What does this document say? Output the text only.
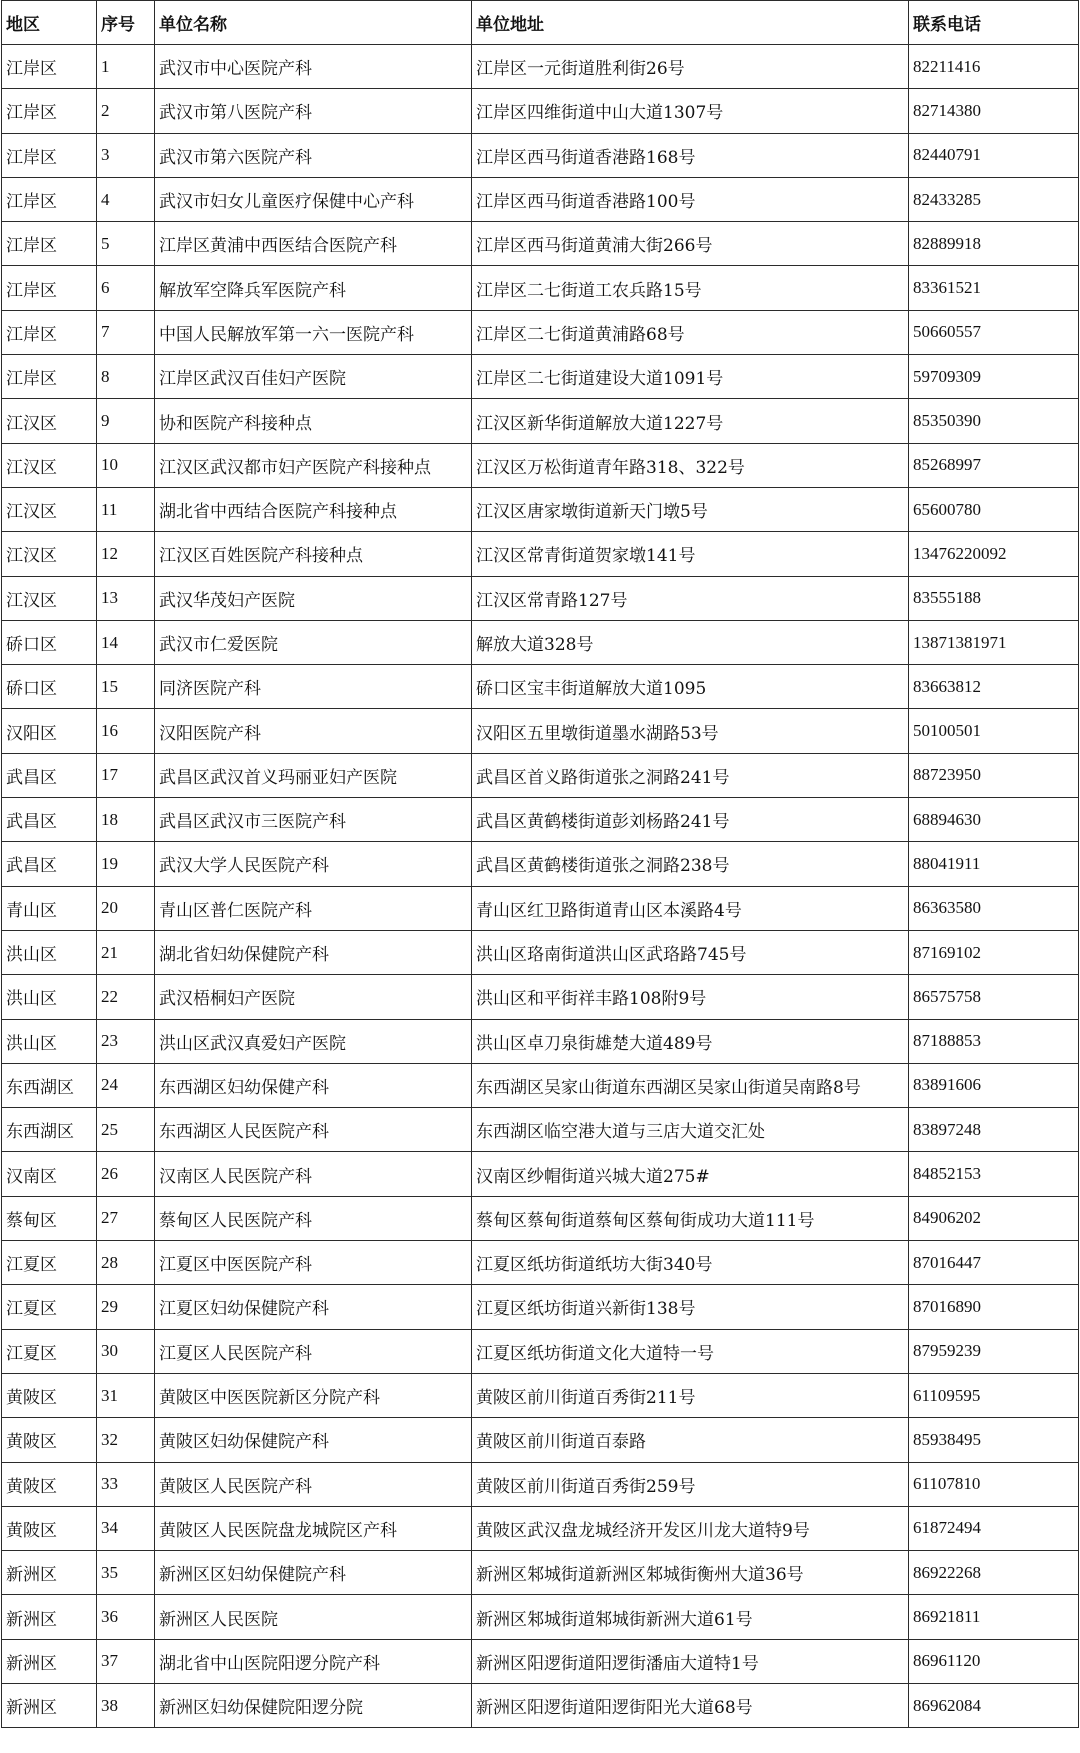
地区	序号	单位名称	单位地址	联系电话
江岸区	1	武汉市中心医院产科	江岸区一元街道胜利街26号	82211416
江岸区	2	武汉市第八医院产科	江岸区四维街道中山大道1307号	82714380
江岸区	3	武汉市第六医院产科	江岸区西马街道香港路168号	82440791
江岸区	4	武汉市妇女儿童医疗保健中心产科	江岸区西马街道香港路100号	82433285
江岸区	5	江岸区黄浦中西医结合医院产科	江岸区西马街道黄浦大街266号	82889918
江岸区	6	解放军空降兵军医院产科	江岸区二七街道工农兵路15号	83361521
江岸区	7	中国人民解放军第一六一医院产科	江岸区二七街道黄浦路68号	50660557
江岸区	8	江岸区武汉百佳妇产医院	江岸区二七街道建设大道1091号	59709309
江汉区	9	协和医院产科接种点	江汉区新华街道解放大道1227号	85350390
江汉区	10	江汉区武汉都市妇产医院产科接种点	江汉区万松街道青年路318、322号	85268997
江汉区	11	湖北省中西结合医院产科接种点	江汉区唐家墩街道新天门墩5号	65600780
江汉区	12	江汉区百姓医院产科接种点	江汉区常青街道贺家墩141号	13476220092
江汉区	13	武汉华茂妇产医院	江汉区常青路127号	83555188
硚口区	14	武汉市仁爱医院	解放大道328号	13871381971
硚口区	15	同济医院产科	硚口区宝丰街道解放大道1095	83663812
汉阳区	16	汉阳医院产科	汉阳区五里墩街道墨水湖路53号	50100501
武昌区	17	武昌区武汉首义玛丽亚妇产医院	武昌区首义路街道张之洞路241号	88723950
武昌区	18	武昌区武汉市三医院产科	武昌区黄鹤楼街道彭刘杨路241号	68894630
武昌区	19	武汉大学人民医院产科	武昌区黄鹤楼街道张之洞路238号	88041911
青山区	20	青山区普仁医院产科	青山区红卫路街道青山区本溪路4号	86363580
洪山区	21	湖北省妇幼保健院产科	洪山区珞南街道洪山区武珞路745号	87169102
洪山区	22	武汉梧桐妇产医院	洪山区和平街祥丰路108附9号	86575758
洪山区	23	洪山区武汉真爱妇产医院	洪山区卓刀泉街雄楚大道489号	87188853
东西湖区	24	东西湖区妇幼保健产科	东西湖区吴家山街道东西湖区吴家山街道吴南路8号	83891606
东西湖区	25	东西湖区人民医院产科	东西湖区临空港大道与三店大道交汇处	83897248
汉南区	26	汉南区人民医院产科	汉南区纱帽街道兴城大道275#	84852153
蔡甸区	27	蔡甸区人民医院产科	蔡甸区蔡甸街道蔡甸区蔡甸街成功大道111号	84906202
江夏区	28	江夏区中医医院产科	江夏区纸坊街道纸坊大街340号	87016447
江夏区	29	江夏区妇幼保健院产科	江夏区纸坊街道兴新街138号	87016890
江夏区	30	江夏区人民医院产科	江夏区纸坊街道文化大道特一号	87959239
黄陂区	31	黄陂区中医医院新区分院产科	黄陂区前川街道百秀街211号	61109595
黄陂区	32	黄陂区妇幼保健院产科	黄陂区前川街道百泰路	85938495
黄陂区	33	黄陂区人民医院产科	黄陂区前川街道百秀街259号	61107810
黄陂区	34	黄陂区人民医院盘龙城院区产科	黄陂区武汉盘龙城经济开发区川龙大道特9号	61872494
新洲区	35	新洲区区妇幼保健院产科	新洲区邾城街道新洲区邾城街衡州大道36号	86922268
新洲区	36	新洲区人民医院	新洲区邾城街道邾城街新洲大道61号	86921811
新洲区	37	湖北省中山医院阳逻分院产科	新洲区阳逻街道阳逻街潘庙大道特1号	86961120
新洲区	38	新洲区妇幼保健院阳逻分院	新洲区阳逻街道阳逻街阳光大道68号	86962084
